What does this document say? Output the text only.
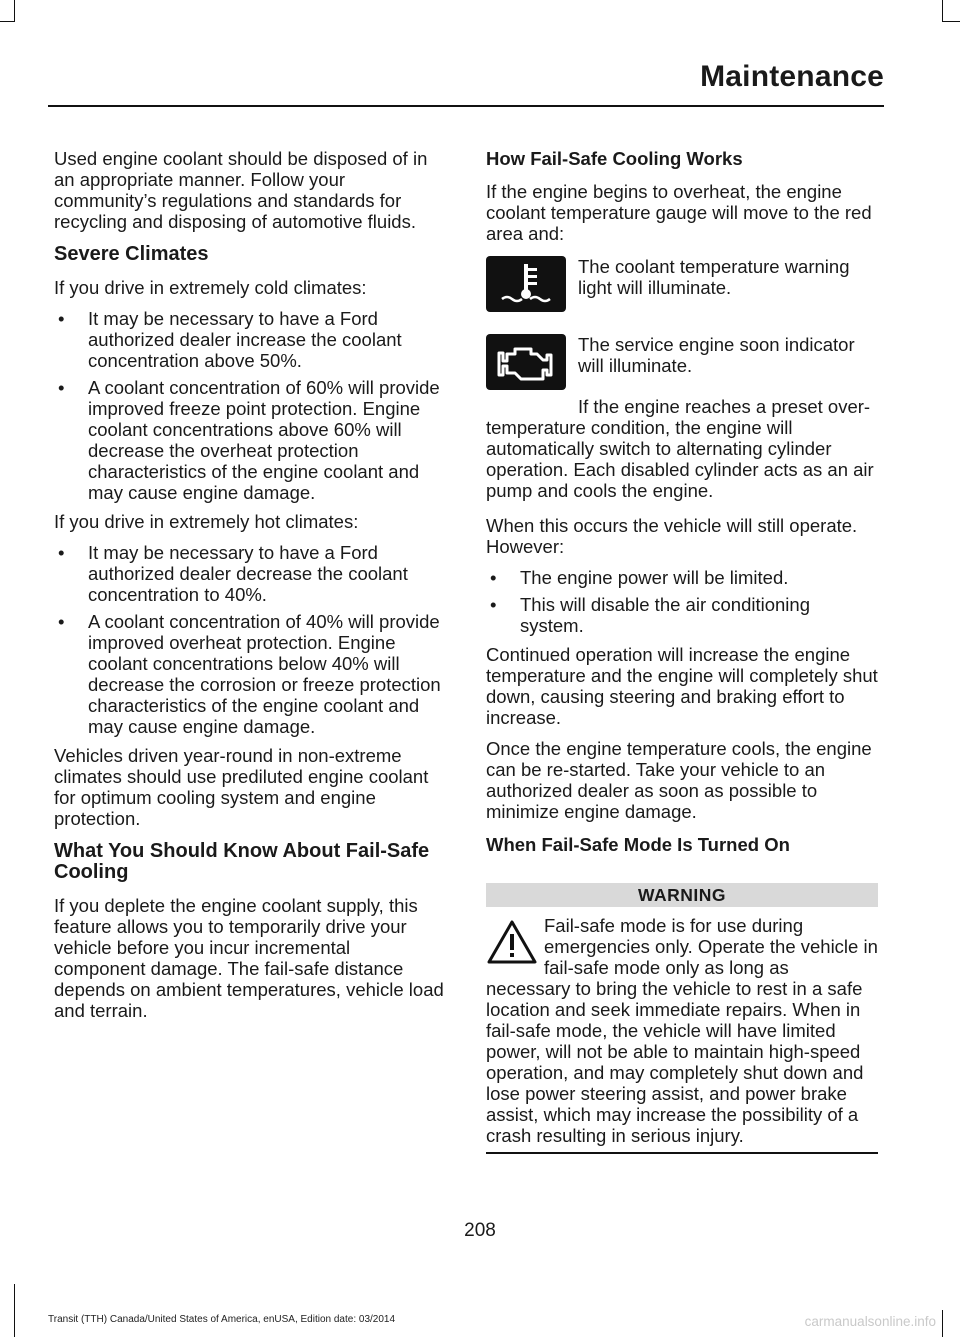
Maintenance

Used engine coolant should be disposed of in an appropriate manner. Follow your community’s regulations and standards for recycling and disposing of automotive fluids.

Severe Climates

If you drive in extremely cold climates:

• It may be necessary to have a Ford authorized dealer increase the coolant concentration above 50%.
• A coolant concentration of 60% will provide improved freeze point protection. Engine coolant concentrations above 60% will decrease the overheat protection characteristics of the engine coolant and may cause engine damage.

If you drive in extremely hot climates:

• It may be necessary to have a Ford authorized dealer decrease the coolant concentration to 40%.
• A coolant concentration of 40% will provide improved overheat protection. Engine coolant concentrations below 40% will decrease the corrosion or freeze protection characteristics of the engine coolant and may cause engine damage.

Vehicles driven year-round in non-extreme climates should use prediluted engine coolant for optimum cooling system and engine protection.

What You Should Know About Fail-Safe Cooling

If you deplete the engine coolant supply, this feature allows you to temporarily drive your vehicle before you incur incremental component damage. The fail-safe distance depends on ambient temperatures, vehicle load and terrain.

How Fail-Safe Cooling Works

If the engine begins to overheat, the engine coolant temperature gauge will move to the red area and:

The coolant temperature warning light will illuminate.
The service engine soon indicator will illuminate.

If the engine reaches a preset over-temperature condition, the engine will automatically switch to alternating cylinder operation. Each disabled cylinder acts as an air pump and cools the engine.

When this occurs the vehicle will still operate. However:

• The engine power will be limited.
• This will disable the air conditioning system.

Continued operation will increase the engine temperature and the engine will completely shut down, causing steering and braking effort to increase.

Once the engine temperature cools, the engine can be re-started. Take your vehicle to an authorized dealer as soon as possible to minimize engine damage.

When Fail-Safe Mode Is Turned On
WARNING
Fail-safe mode is for use during emergencies only. Operate the vehicle in fail-safe mode only as long as necessary to bring the vehicle to rest in a safe location and seek immediate repairs. When in fail-safe mode, the vehicle will have limited power, will not be able to maintain high-speed operation, and may completely shut down and lose power steering assist, and power brake assist, which may increase the possibility of a crash resulting in serious injury.
208
Transit (TTH) Canada/United States of America, enUSA, Edition date: 03/2014	carmanualsonline.info
